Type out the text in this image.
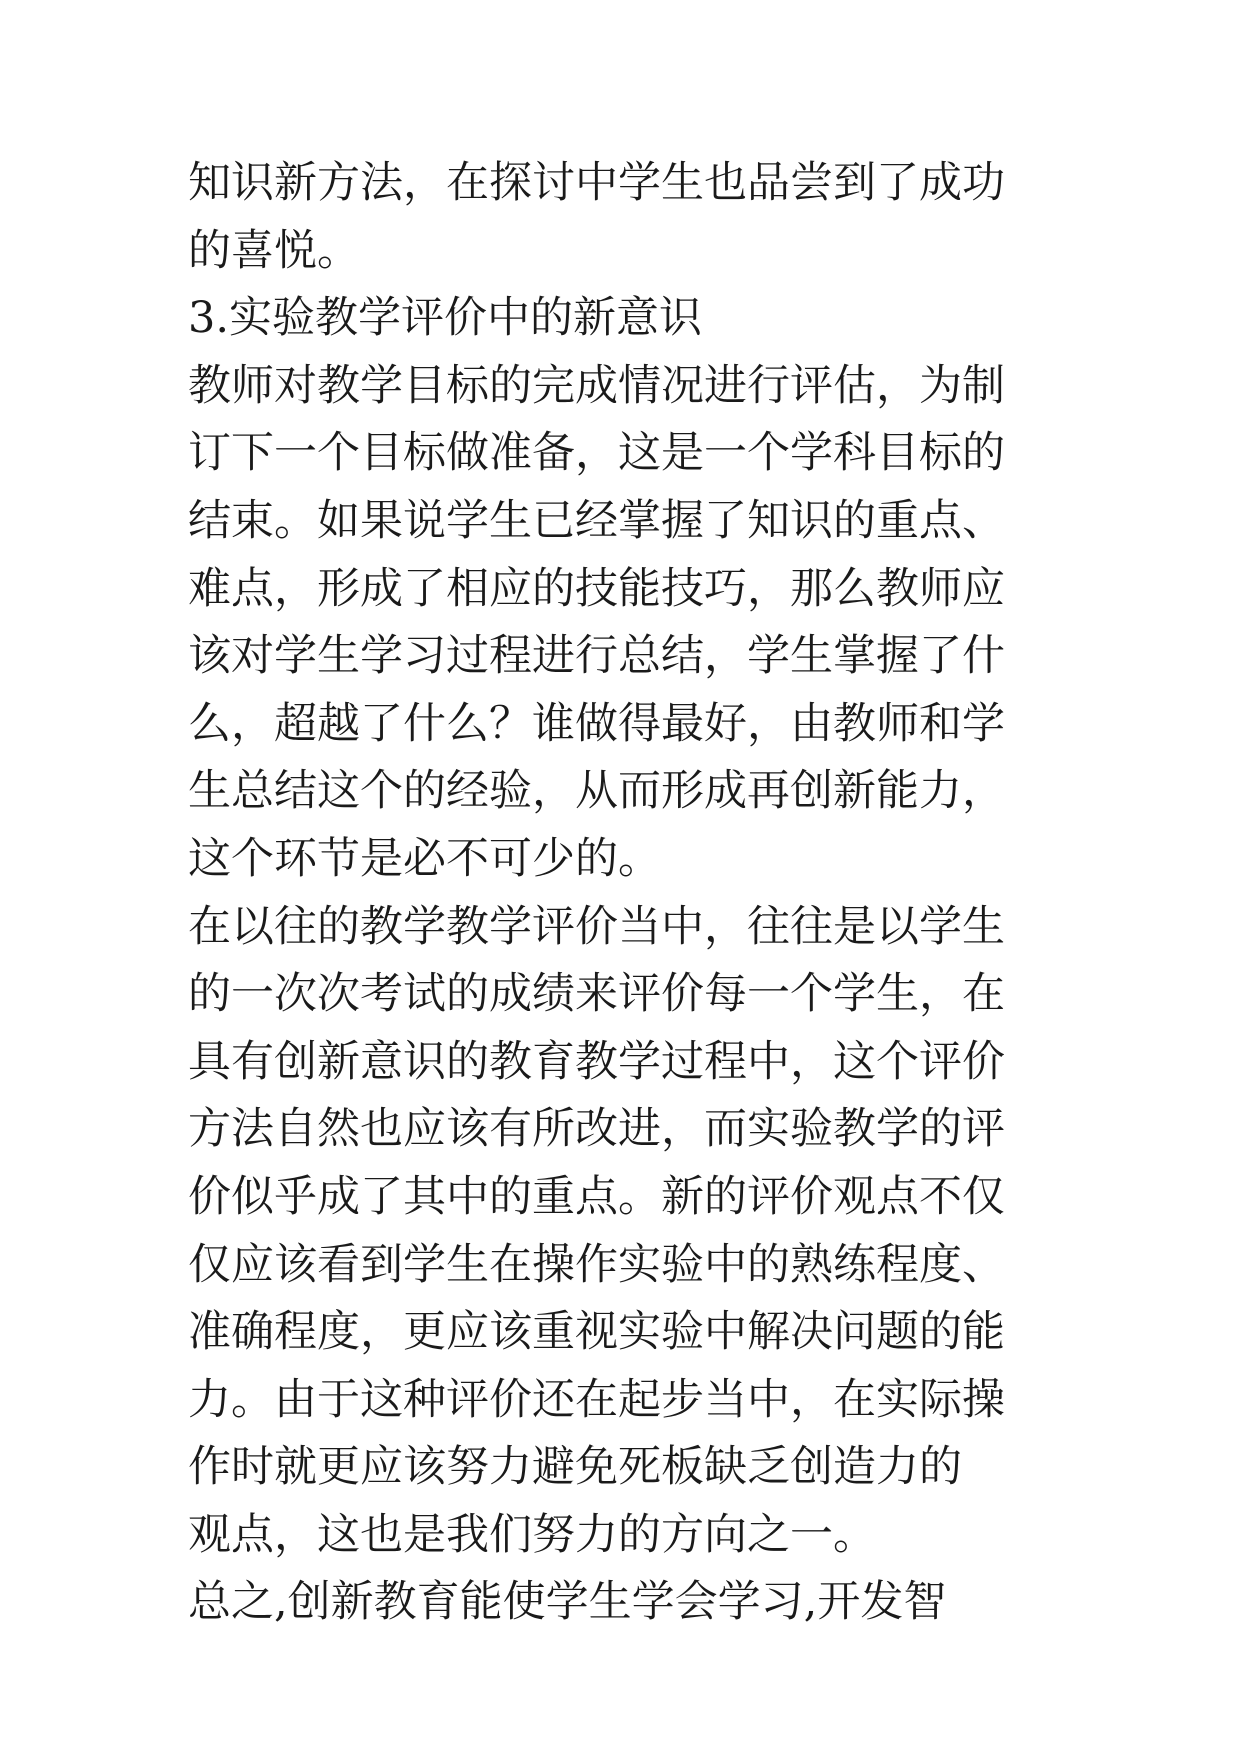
知识新方法，在探讨中学生也品尝到了成功
的喜悦。
3.实验教学评价中的新意识
教师对教学目标的完成情况进行评估，为制
订下一个目标做准备，这是一个学科目标的
结束。如果说学生已经掌握了知识的重点、
难点，形成了相应的技能技巧，那么教师应
该对学生学习过程进行总结，学生掌握了什
么，超越了什么？谁做得最好，由教师和学
生总结这个的经验，从而形成再创新能力，
这个环节是必不可少的。
在以往的教学教学评价当中，往往是以学生
的一次次考试的成绩来评价每一个学生，在
具有创新意识的教育教学过程中，这个评价
方法自然也应该有所改进，而实验教学的评
价似乎成了其中的重点。新的评价观点不仅
仅应该看到学生在操作实验中的熟练程度、
准确程度，更应该重视实验中解决问题的能
力。由于这种评价还在起步当中，在实际操
作时就更应该努力避免死板缺乏创造力的
观点，这也是我们努力的方向之一。
总之,创新教育能使学生学会学习,开发智
